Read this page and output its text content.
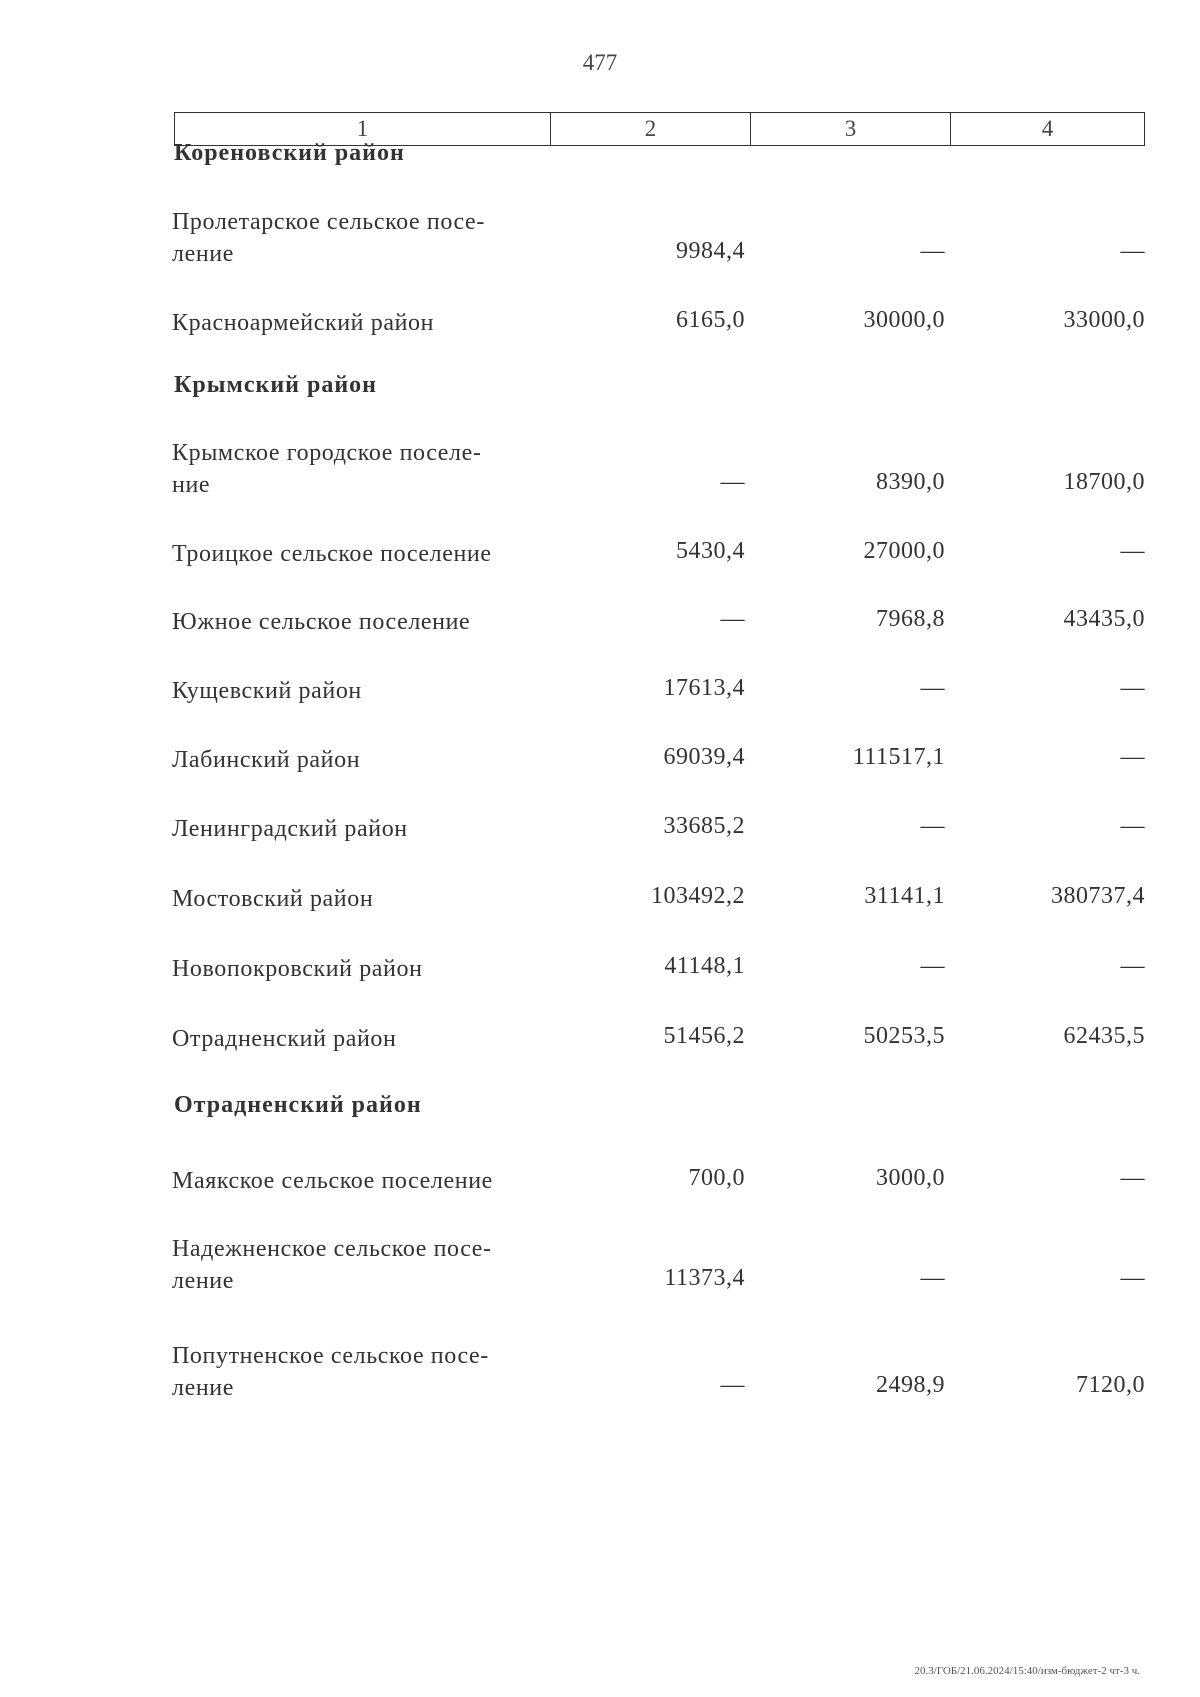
477
1	2	3	4
Кореновский район
Пролетарское сельское посе-
ление	9984,4	—	—
Красноармейский район	6165,0	30000,0	33000,0
Крымский район
Крымское городское поселе-
ние	—	8390,0	18700,0
Троицкое сельское поселение	5430,4	27000,0	—
Южное сельское поселение	—	7968,8	43435,0
Кущевский район	17613,4	—	—
Лабинский район	69039,4	111517,1	—
Ленинградский район	33685,2	—	—
Мостовский район	103492,2	31141,1	380737,4
Новопокровский район	41148,1	—	—
Отрадненский район	51456,2	50253,5	62435,5
Отрадненский район
Маякское сельское поселение	700,0	3000,0	—
Надежненское сельское посе-
ление	11373,4	—	—
Попутненское сельское посе-
ление	—	2498,9	7120,0
20.3/ГОБ/21.06.2024/15:40/изм-бюджет-2 чт-3 ч.
